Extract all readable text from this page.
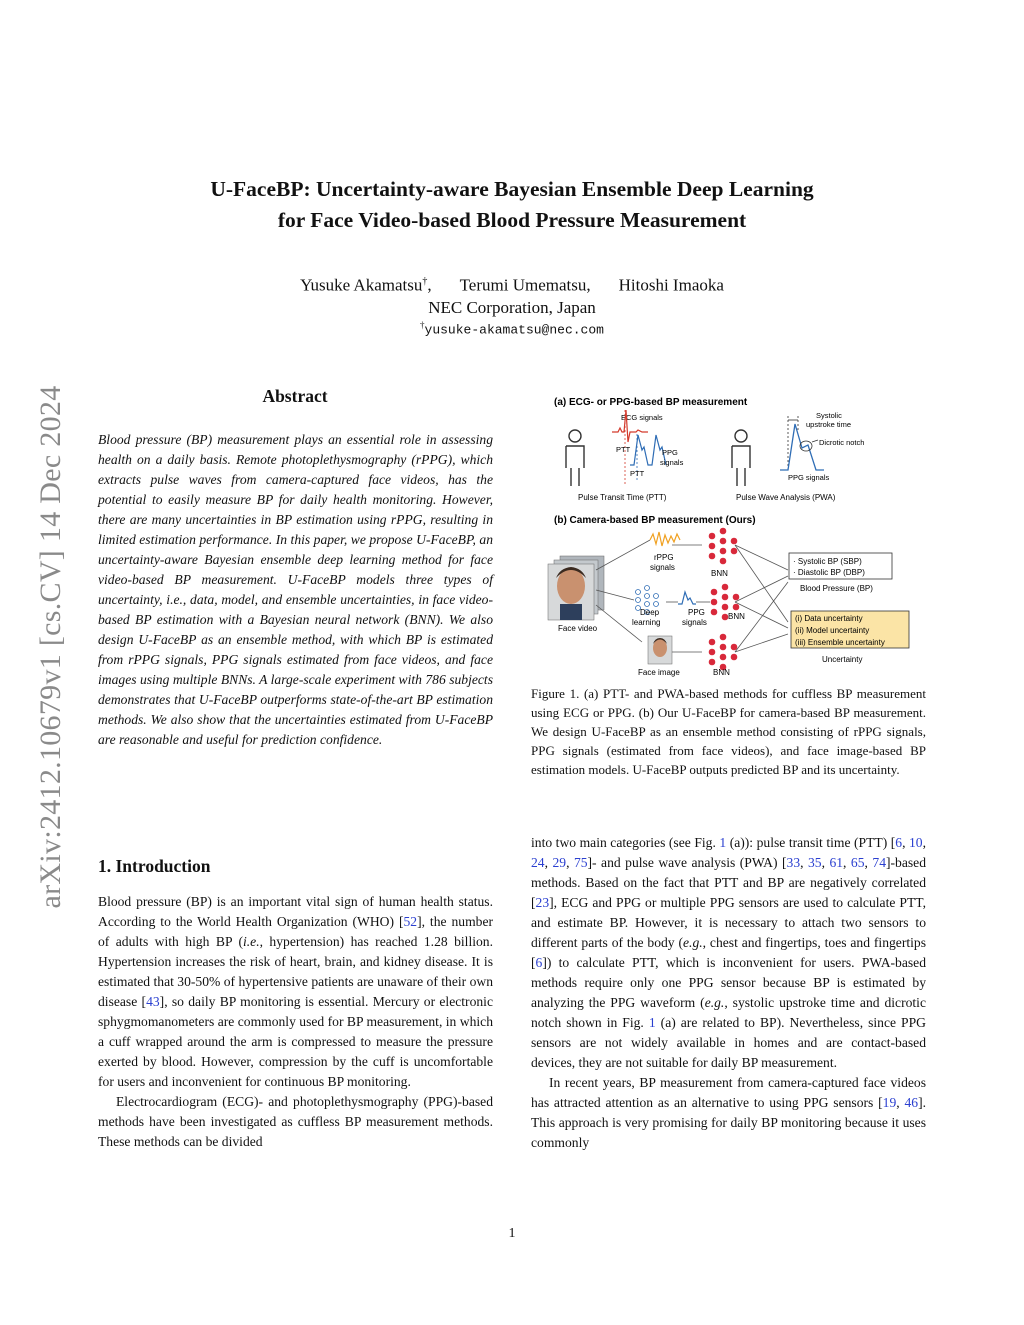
U-FaceBP: Uncertainty-aware Bayesian Ensemble Deep Learning
for Face Video-based Blood Pressure Measurement
Yusuke Akamatsu†, Terumi Umematsu, Hitoshi Imaoka
NEC Corporation, Japan
†yusuke-akamatsu@nec.com
arXiv:2412.10679v1 [cs.CV] 14 Dec 2024	Abstract
Blood pressure (BP) measurement plays an essential role in assessing health on a daily basis. Remote photoplethysmography (rPPG), which extracts pulse waves from camera-captured face videos, has the potential to easily measure BP for daily health monitoring. However, there are many uncertainties in BP estimation using rPPG, resulting in limited estimation performance. In this paper, we propose U-FaceBP, an uncertainty-aware Bayesian ensemble deep learning method for face video-based BP measurement. U-FaceBP models three types of uncertainty, i.e., data, model, and ensemble uncertainties, in face video-based BP estimation with a Bayesian neural network (BNN). We also design U-FaceBP as an ensemble method, with which BP is estimated from rPPG signals, PPG signals estimated from face videos, and face images using multiple BNNs. A large-scale experiment with 786 subjects demonstrates that U-FaceBP outperforms state-of-the-art BP estimation methods. We also show that the uncertainties estimated from U-FaceBP are reasonable and useful for prediction confidence.
1. Introduction

Blood pressure (BP) is an important vital sign of human health status. According to the World Health Organization (WHO) [52], the number of adults with high BP (i.e., hypertension) has reached 1.28 billion. Hypertension increases the risk of heart, brain, and kidney disease. It is estimated that 30-50% of hypertensive patients are unaware of their own disease [43], so daily BP monitoring is essential. Mercury or electronic sphygmomanometers are commonly used for BP measurement, in which a cuff wrapped around the arm is compressed to measure the pressure exerted by blood. However, compression by the cuff is uncomfortable for users and inconvenient for continuous BP monitoring.

Electrocardiogram (ECG)- and photoplethysmography (PPG)-based methods have been investigated as cuffless BP measurement methods. These methods can be divided

(a) ECG- or PPG-based BP measurement
ECG signals
PPG
signals
PTT
PTT
Pulse Transit Time (PTT)
Systolic
upstroke time
Dicrotic notch
PPG signals
Pulse Wave Analysis (PWA)
(b) Camera-based BP measurement (Ours)
Face video
rPPG
signals
BNN
Deep
learning
PPG
signals
BNN
Face image	BNN
· Systolic BP (SBP)
· Diastolic BP (DBP)
Blood Pressure (BP)
(i) Data uncertainty
(ii) Model uncertainty
(iii) Ensemble uncertainty
Uncertainty
Figure 1. (a) PTT- and PWA-based methods for cuffless BP measurement using ECG or PPG. (b) Our U-FaceBP for camera-based BP measurement. We design U-FaceBP as an ensemble method consisting of rPPG signals, PPG signals (estimated from face videos), and face image-based BP estimation models. U-FaceBP outputs predicted BP and its uncertainty.

into two main categories (see Fig. 1 (a)): pulse transit time (PTT) [6, 10, 24, 29, 75]- and pulse wave analysis (PWA) [33, 35, 61, 65, 74]-based methods. Based on the fact that PTT and BP are negatively correlated [23], ECG and PPG or multiple PPG sensors are used to calculate PTT, and estimate BP. However, it is necessary to attach two sensors to different parts of the body (e.g., chest and fingertips, toes and fingertips [6]) to calculate PTT, which is inconvenient for users. PWA-based methods require only one PPG sensor because BP is estimated by analyzing the PPG waveform (e.g., systolic upstroke time and dicrotic notch shown in Fig. 1 (a) are related to BP). Nevertheless, since PPG sensors are not widely available in homes and are contact-based devices, they are not suitable for daily BP measurement.

In recent years, BP measurement from camera-captured face videos has attracted attention as an alternative to using PPG sensors [19, 46]. This approach is very promising for daily BP monitoring because it uses commonly

1
